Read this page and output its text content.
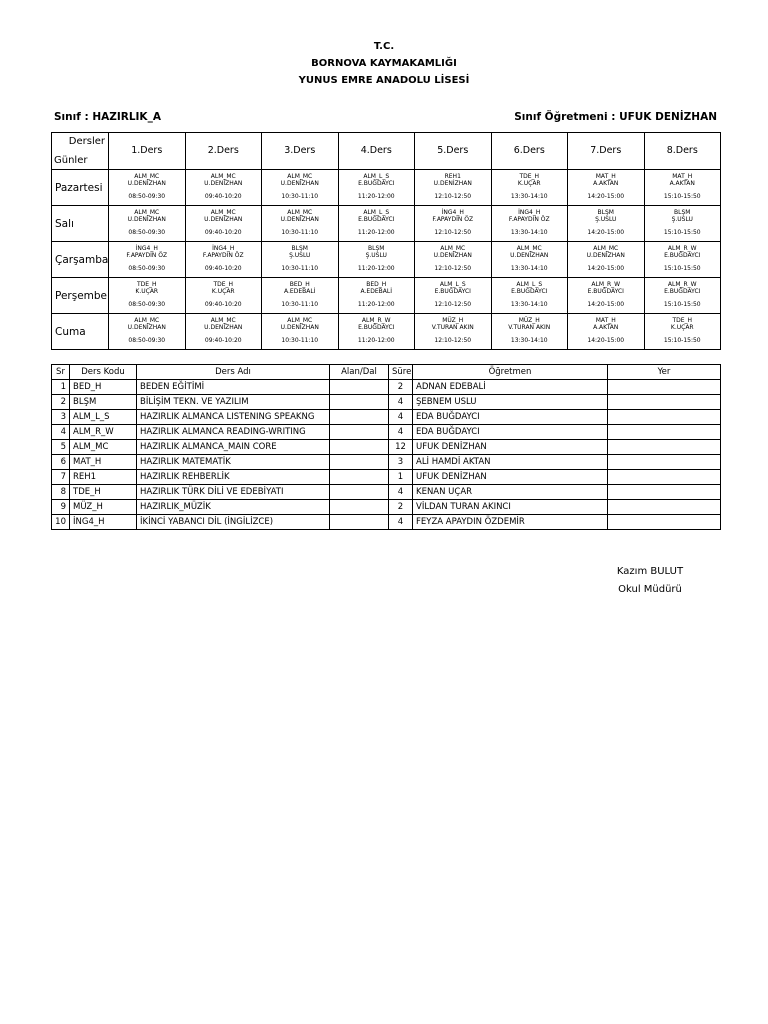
T.C.
BORNOVA KAYMAKAMLIĞI
YUNUS EMRE ANADOLU LİSESİ
Sınıf : HAZIRLIK_A	Sınıf Öğretmeni : UFUK DENİZHAN
Dersler
Günler	1.Ders	2.Ders	3.Ders	4.Ders	5.Ders	6.Ders	7.Ders	8.Ders
Pazartesi	ALM_MC
U.DENİZHAN
08:50-09:30	ALM_MC
U.DENİZHAN
09:40-10:20	ALM_MC
U.DENİZHAN
10:30-11:10	ALM_L_S
E.BUĞDAYCI
11:20-12:00	REH1
U.DENİZHAN
12:10-12:50	TDE_H
K.UÇAR
13:30-14:10	MAT_H
A.AKTAN
14:20-15:00	MAT_H
A.AKTAN
15:10-15:50

Salı	ALM_MC
U.DENİZHAN
08:50-09:30	ALM_MC
U.DENİZHAN
09:40-10:20	ALM_MC
U.DENİZHAN
10:30-11:10	ALM_L_S
E.BUĞDAYCI
11:20-12:00	İNG4_H
F.APAYDIN ÖZ
12:10-12:50	İNG4_H
F.APAYDIN ÖZ
13:30-14:10	BLŞM
Ş.USLU
14:20-15:00	BLŞM
Ş.USLU
15:10-15:50

Çarşamba	İNG4_H
F.APAYDIN ÖZ
08:50-09:30	İNG4_H
F.APAYDIN ÖZ
09:40-10:20	BLŞM
Ş.USLU
10:30-11:10	BLŞM
Ş.USLU
11:20-12:00	ALM_MC
U.DENİZHAN
12:10-12:50	ALM_MC
U.DENİZHAN
13:30-14:10	ALM_MC
U.DENİZHAN
14:20-15:00	ALM_R_W
E.BUĞDAYCI
15:10-15:50

Perşembe	TDE_H
K.UÇAR
08:50-09:30	TDE_H
K.UÇAR
09:40-10:20	BED_H
A.EDEBALİ
10:30-11:10	BED_H
A.EDEBALİ
11:20-12:00	ALM_L_S
E.BUĞDAYCI
12:10-12:50	ALM_L_S
E.BUĞDAYCI
13:30-14:10	ALM_R_W
E.BUĞDAYCI
14:20-15:00	ALM_R_W
E.BUĞDAYCI
15:10-15:50

Cuma	ALM_MC
U.DENİZHAN
08:50-09:30	ALM_MC
U.DENİZHAN
09:40-10:20	ALM_MC
U.DENİZHAN
10:30-11:10	ALM_R_W
E.BUĞDAYCI
11:20-12:00	MÜZ_H
V.TURAN AKIN
12:10-12:50	MÜZ_H
V.TURAN AKIN
13:30-14:10	MAT_H
A.AKTAN
14:20-15:00	TDE_H
K.UÇAR
15:10-15:50
Sr	Ders Kodu	Ders Adı	Alan/Dal	Süre	Öğretmen	Yer
1	BED_H	BEDEN EĞİTİMİ		2	ADNAN EDEBALİ	
2	BLŞM	BİLİŞİM TEKN. VE YAZILIM		4	ŞEBNEM USLU	
3	ALM_L_S	HAZIRLIK ALMANCA LISTENING SPEAKNG		4	EDA BUĞDAYCI	
4	ALM_R_W	HAZIRLIK ALMANCA READING-WRITING		4	EDA BUĞDAYCI	
5	ALM_MC	HAZIRLIK ALMANCA_MAIN CORE		12	UFUK DENİZHAN	
6	MAT_H	HAZIRLIK MATEMATİK		3	ALİ HAMDİ AKTAN	
7	REH1	HAZIRLIK REHBERLİK		1	UFUK DENİZHAN	
8	TDE_H	HAZIRLIK TÜRK DİLİ VE EDEBİYATI		4	KENAN UÇAR	
9	MÜZ_H	HAZIRLIK_MÜZİK		2	VİLDAN TURAN AKINCI	
10	İNG4_H	İKİNCİ YABANCI DİL (İNGİLİZCE)		4	FEYZA APAYDIN ÖZDEMİR	
Kazım BULUT
Okul Müdürü
